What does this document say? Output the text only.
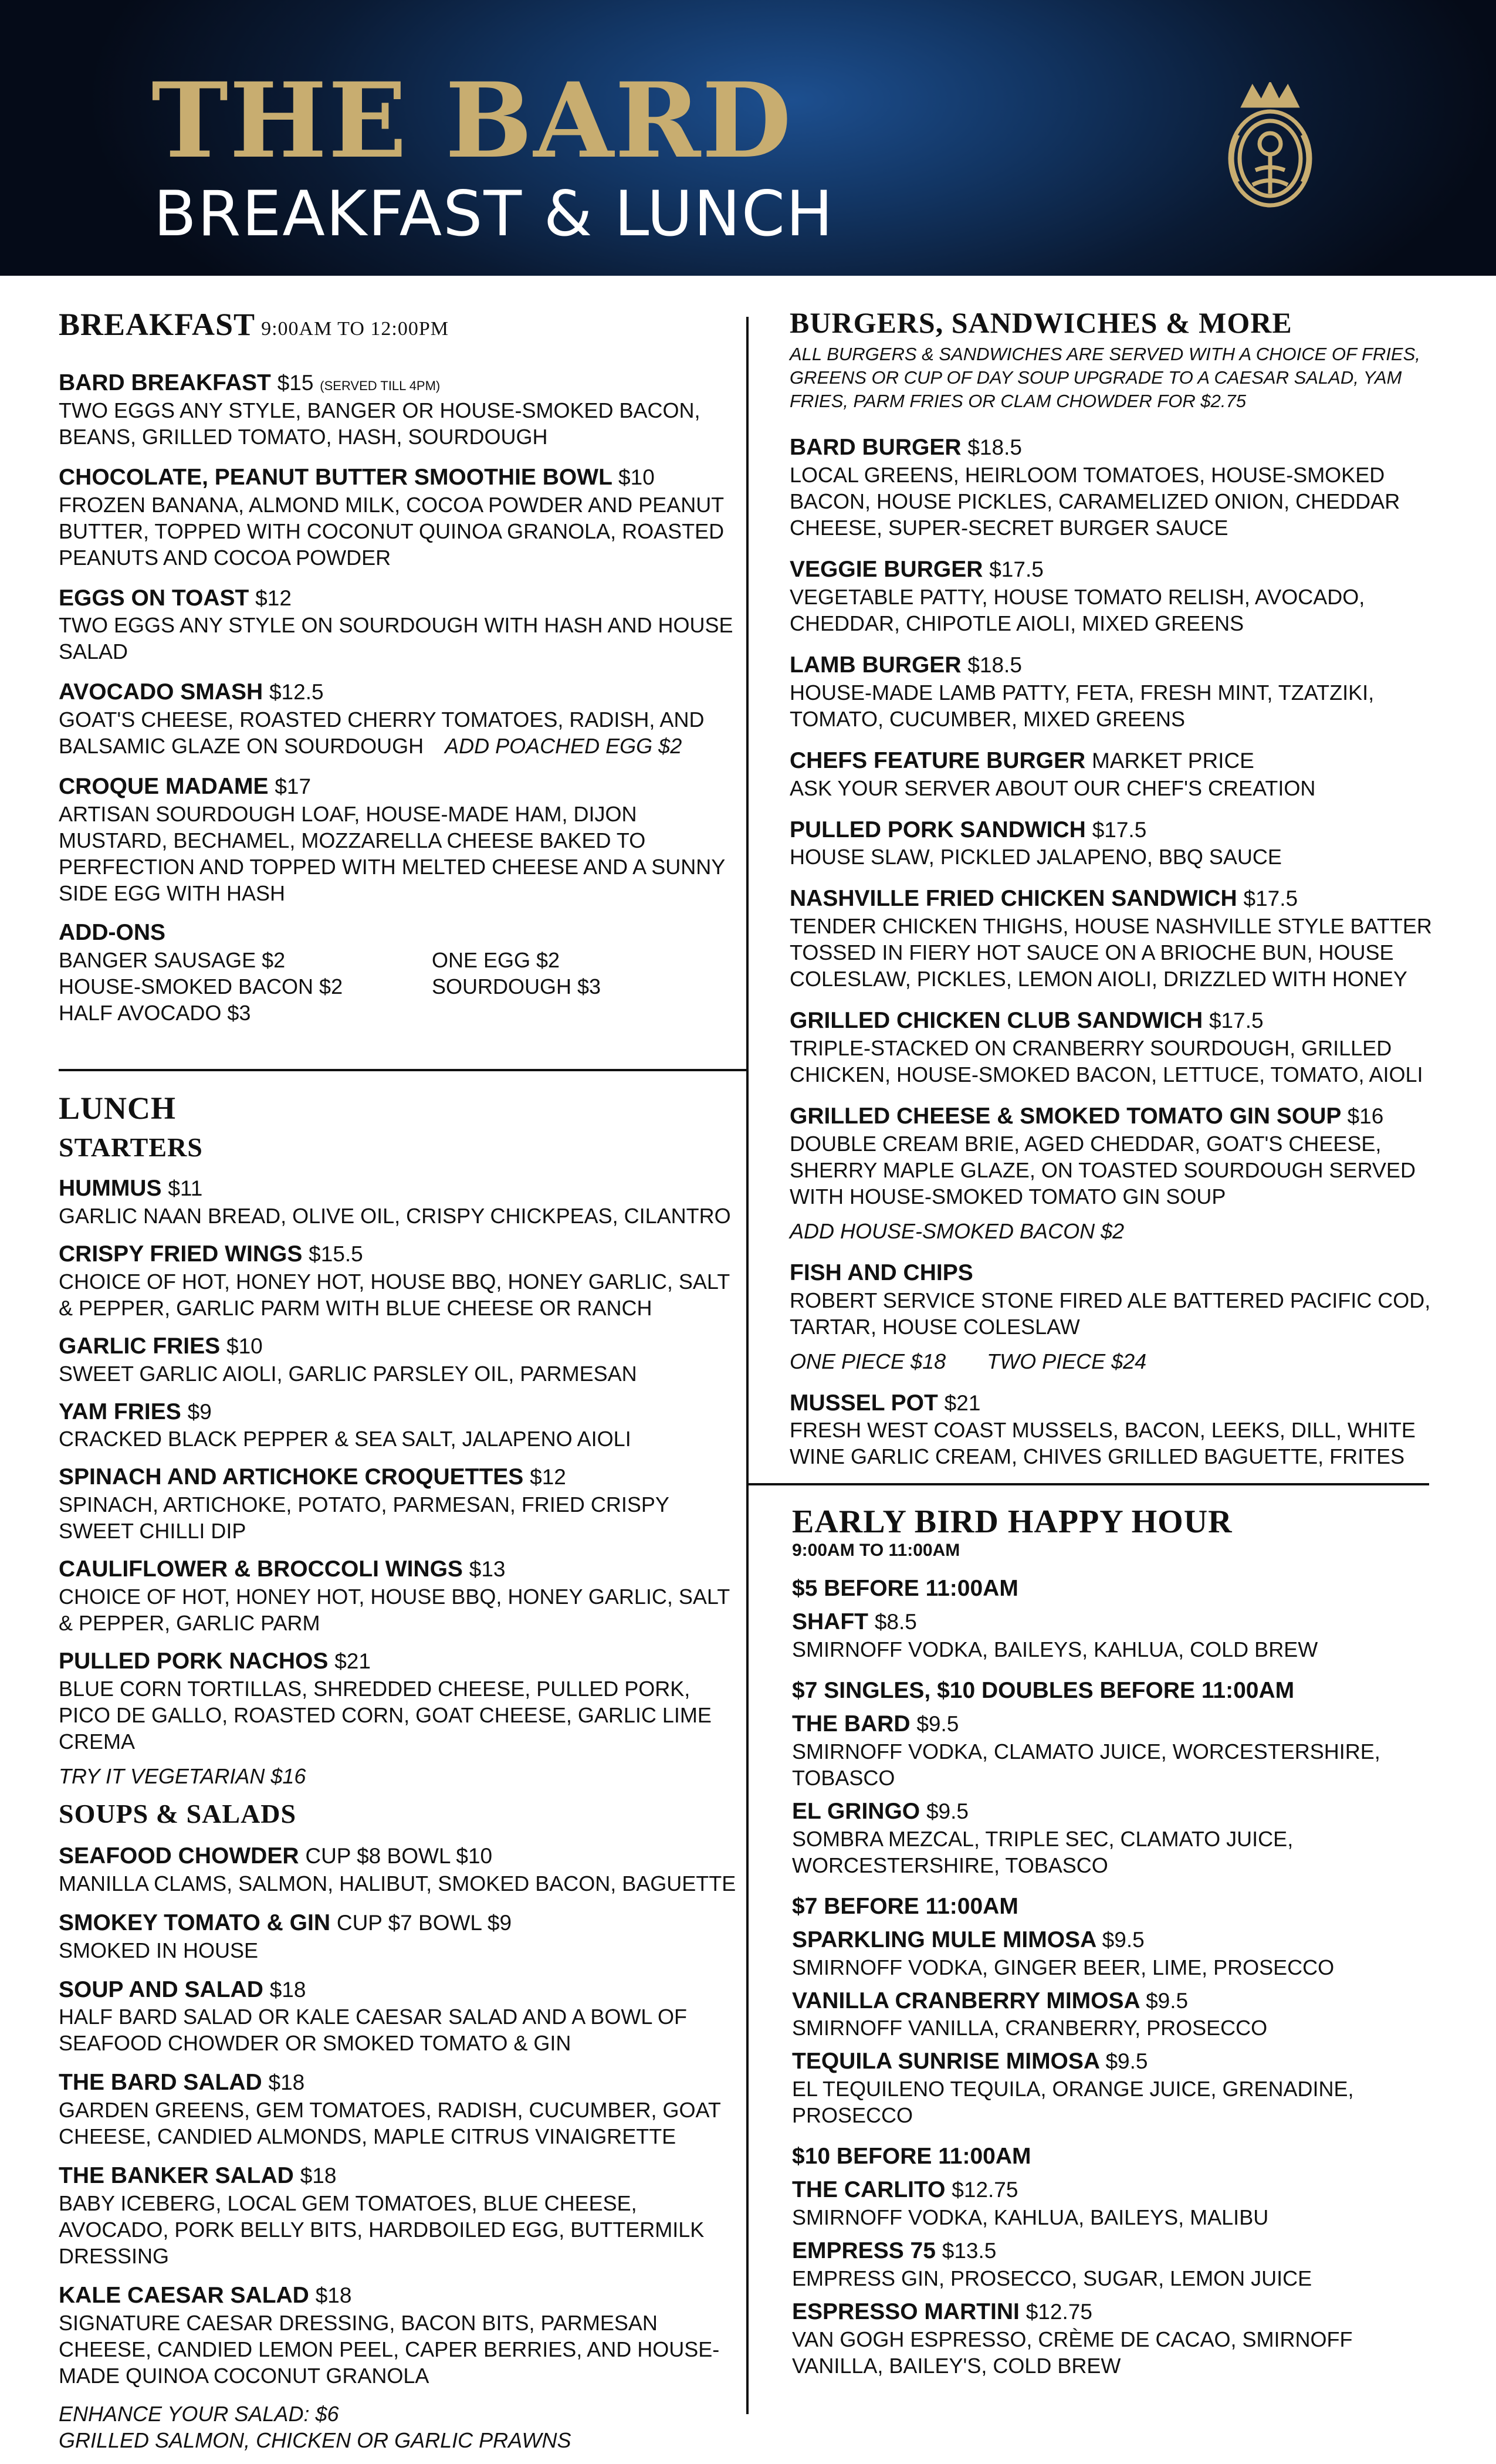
THE BARD
BREAKFAST & LUNCH
BREAKFAST 9:00AM TO 12:00PM
BARD BREAKFAST $15 (SERVED TILL 4PM)
TWO EGGS ANY STYLE, BANGER OR HOUSE-SMOKED BACON, BEANS, GRILLED TOMATO, HASH, SOURDOUGH
CHOCOLATE, PEANUT BUTTER SMOOTHIE BOWL $10
FROZEN BANANA, ALMOND MILK, COCOA POWDER AND PEANUT BUTTER, TOPPED WITH COCONUT QUINOA GRANOLA, ROASTED PEANUTS AND COCOA POWDER
EGGS ON TOAST $12
TWO EGGS ANY STYLE ON SOURDOUGH WITH HASH AND HOUSE SALAD
AVOCADO SMASH $12.5
GOAT'S CHEESE, ROASTED CHERRY TOMATOES, RADISH, AND BALSAMIC GLAZE ON SOURDOUGH ADD POACHED EGG $2
CROQUE MADAME $17
ARTISAN SOURDOUGH LOAF, HOUSE-MADE HAM, DIJON MUSTARD, BECHAMEL, MOZZARELLA CHEESE BAKED TO PERFECTION AND TOPPED WITH MELTED CHEESE AND A SUNNY SIDE EGG WITH HASH
ADD-ONS
BANGER SAUSAGE $2
HOUSE-SMOKED BACON $2
HALF AVOCADO $3
ONE EGG $2
SOURDOUGH $3
LUNCH
STARTERS
HUMMUS $11
GARLIC NAAN BREAD, OLIVE OIL, CRISPY CHICKPEAS, CILANTRO
CRISPY FRIED WINGS $15.5
CHOICE OF HOT, HONEY HOT, HOUSE BBQ, HONEY GARLIC, SALT & PEPPER, GARLIC PARM WITH BLUE CHEESE OR RANCH
GARLIC FRIES $10
SWEET GARLIC AIOLI, GARLIC PARSLEY OIL, PARMESAN
YAM FRIES $9
CRACKED BLACK PEPPER & SEA SALT, JALAPENO AIOLI
SPINACH AND ARTICHOKE CROQUETTES $12
SPINACH, ARTICHOKE, POTATO, PARMESAN, FRIED CRISPY SWEET CHILLI DIP
CAULIFLOWER & BROCCOLI WINGS $13
CHOICE OF HOT, HONEY HOT, HOUSE BBQ, HONEY GARLIC, SALT & PEPPER, GARLIC PARM
PULLED PORK NACHOS $21
BLUE CORN TORTILLAS, SHREDDED CHEESE, PULLED PORK, PICO DE GALLO, ROASTED CORN, GOAT CHEESE, GARLIC LIME CREMA
TRY IT VEGETARIAN $16
SOUPS & SALADS
SEAFOOD CHOWDER CUP $8 BOWL $10
MANILLA CLAMS, SALMON, HALIBUT, SMOKED BACON, BAGUETTE
SMOKEY TOMATO & GIN CUP $7 BOWL $9
SMOKED IN HOUSE
SOUP AND SALAD $18
HALF BARD SALAD OR KALE CAESAR SALAD AND A BOWL OF SEAFOOD CHOWDER OR SMOKED TOMATO & GIN
THE BARD SALAD $18
GARDEN GREENS, GEM TOMATOES, RADISH, CUCUMBER, GOAT CHEESE, CANDIED ALMONDS, MAPLE CITRUS VINAIGRETTE
THE BANKER SALAD $18
BABY ICEBERG, LOCAL GEM TOMATOES, BLUE CHEESE, AVOCADO, PORK BELLY BITS, HARDBOILED EGG, BUTTERMILK DRESSING
KALE CAESAR SALAD $18
SIGNATURE CAESAR DRESSING, BACON BITS, PARMESAN CHEESE, CANDIED LEMON PEEL, CAPER BERRIES, AND HOUSE-MADE QUINOA COCONUT GRANOLA
ENHANCE YOUR SALAD: $6
GRILLED SALMON, CHICKEN OR GARLIC PRAWNS
BURGERS, SANDWICHES & MORE

ALL BURGERS & SANDWICHES ARE SERVED WITH A CHOICE OF FRIES, GREENS OR CUP OF DAY SOUP UPGRADE TO A CAESAR SALAD, YAM FRIES, PARM FRIES OR CLAM CHOWDER FOR $2.75

BARD BURGER $18.5
LOCAL GREENS, HEIRLOOM TOMATOES, HOUSE-SMOKED BACON, HOUSE PICKLES, CARAMELIZED ONION, CHEDDAR CHEESE, SUPER-SECRET BURGER SAUCE
VEGGIE BURGER $17.5
VEGETABLE PATTY, HOUSE TOMATO RELISH, AVOCADO, CHEDDAR, CHIPOTLE AIOLI, MIXED GREENS
LAMB BURGER $18.5
HOUSE-MADE LAMB PATTY, FETA, FRESH MINT, TZATZIKI, TOMATO, CUCUMBER, MIXED GREENS
CHEFS FEATURE BURGER MARKET PRICE
ASK YOUR SERVER ABOUT OUR CHEF'S CREATION
PULLED PORK SANDWICH $17.5
HOUSE SLAW, PICKLED JALAPENO, BBQ SAUCE
NASHVILLE FRIED CHICKEN SANDWICH $17.5
TENDER CHICKEN THIGHS, HOUSE NASHVILLE STYLE BATTER TOSSED IN FIERY HOT SAUCE ON A BRIOCHE BUN, HOUSE COLESLAW, PICKLES, LEMON AIOLI, DRIZZLED WITH HONEY
GRILLED CHICKEN CLUB SANDWICH $17.5
TRIPLE-STACKED ON CRANBERRY SOURDOUGH, GRILLED CHICKEN, HOUSE-SMOKED BACON, LETTUCE, TOMATO, AIOLI
GRILLED CHEESE & SMOKED TOMATO GIN SOUP $16
DOUBLE CREAM BRIE, AGED CHEDDAR, GOAT'S CHEESE, SHERRY MAPLE GLAZE, ON TOASTED SOURDOUGH SERVED WITH HOUSE-SMOKED TOMATO GIN SOUP
ADD HOUSE-SMOKED BACON $2
FISH AND CHIPS
ROBERT SERVICE STONE FIRED ALE BATTERED PACIFIC COD, TARTAR, HOUSE COLESLAW
ONE PIECE $18 TWO PIECE $24
MUSSEL POT $21
FRESH WEST COAST MUSSELS, BACON, LEEKS, DILL, WHITE WINE GARLIC CREAM, CHIVES GRILLED BAGUETTE, FRITES
EARLY BIRD HAPPY HOUR

9:00AM TO 11:00AM

$5 BEFORE 11:00AM
SHAFT $8.5
SMIRNOFF VODKA, BAILEYS, KAHLUA, COLD BREW
$7 SINGLES, $10 DOUBLES BEFORE 11:00AM
THE BARD $9.5
SMIRNOFF VODKA, CLAMATO JUICE, WORCESTERSHIRE, TOBASCO
EL GRINGO $9.5
SOMBRA MEZCAL, TRIPLE SEC, CLAMATO JUICE, WORCESTERSHIRE, TOBASCO
$7 BEFORE 11:00AM
SPARKLING MULE MIMOSA $9.5
SMIRNOFF VODKA, GINGER BEER, LIME, PROSECCO
VANILLA CRANBERRY MIMOSA $9.5
SMIRNOFF VANILLA, CRANBERRY, PROSECCO
TEQUILA SUNRISE MIMOSA $9.5
EL TEQUILENO TEQUILA, ORANGE JUICE, GRENADINE, PROSECCO
$10 BEFORE 11:00AM
THE CARLITO $12.75
SMIRNOFF VODKA, KAHLUA, BAILEYS, MALIBU
EMPRESS 75 $13.5
EMPRESS GIN, PROSECCO, SUGAR, LEMON JUICE
ESPRESSO MARTINI $12.75
VAN GOGH ESPRESSO, CRÈME DE CACAO, SMIRNOFF VANILLA, BAILEY'S, COLD BREW
